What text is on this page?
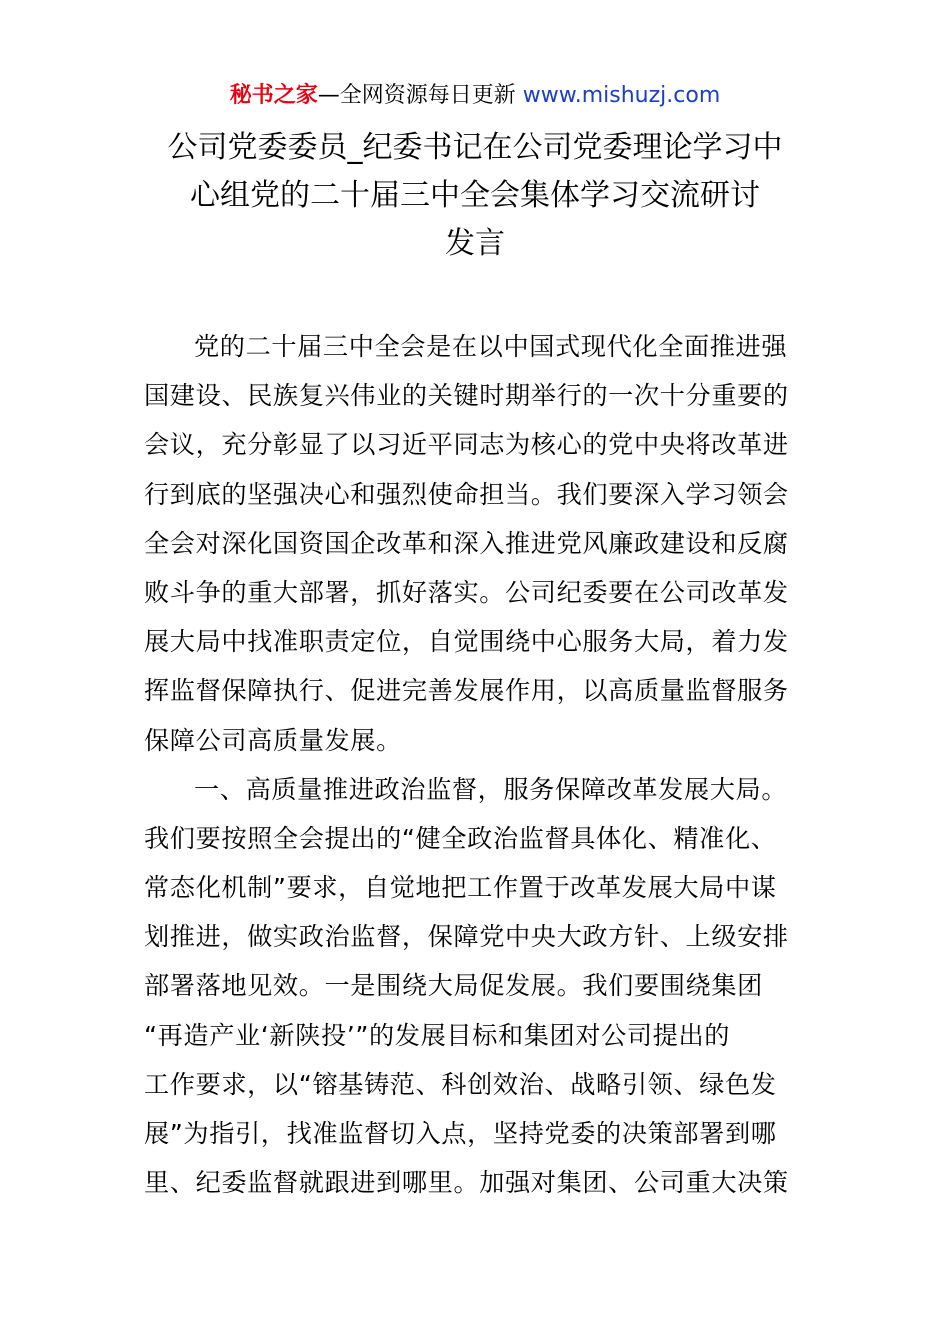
秘书之家—全网资源每日更新 www.mishuzj.com
公司党委委员_纪委书记在公司党委理论学习中
心组党的二十届三中全会集体学习交流研讨
发言
党的二十届三中全会是在以中国式现代化全面推进强
国建设、民族复兴伟业的关键时期举行的一次十分重要的
会议，充分彰显了以习近平同志为核心的党中央将改革进
行到底的坚强决心和强烈使命担当。我们要深入学习领会
全会对深化国资国企改革和深入推进党风廉政建设和反腐
败斗争的重大部署，抓好落实。公司纪委要在公司改革发
展大局中找准职责定位，自觉围绕中心服务大局，着力发
挥监督保障执行、促进完善发展作用，以高质量监督服务
保障公司高质量发展。
一、高质量推进政治监督，服务保障改革发展大局。
我们要按照全会提出的“健全政治监督具体化、精准化、
常态化机制”要求，自觉地把工作置于改革发展大局中谋
划推进，做实政治监督，保障党中央大政方针、上级安排
部署落地见效。一是围绕大局促发展。我们要围绕集团
“再造产业‘新陕投’”的发展目标和集团对公司提出的
工作要求，以“镕基铸范、科创效治、战略引领、绿色发
展”为指引，找准监督切入点，坚持党委的决策部署到哪
里、纪委监督就跟进到哪里。加强对集团、公司重大决策
